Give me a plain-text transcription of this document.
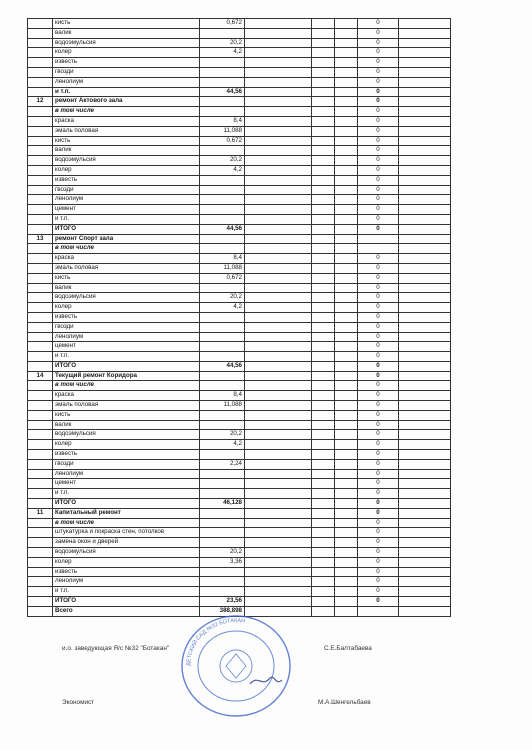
	кисть	0,672				0	
	валик					0	
	водоэмульсия	20,2				0	
	колер	4,2				0	
	известь					0	
	гвозди					0	
	ленолиум					0	
	и т.п.	44,56				0	
12	ремонт Актового зала					0	
	в том числе					0	
	краска	8,4				0	
	эмаль половая	11,088				0	
	кисть	0,672				0	
	валик					0	
	водоэмульсия	20,2				0	
	колер	4,2				0	
	известь					0	
	гвозди					0	
	ленолиум					0	
	цемент					0	
	и т.п.					0	
	ИТОГО	44,56				0	
13	ремонт Спорт зала						
	в том числе						
	краска	8,4				0	
	эмаль половая	11,088				0	
	кисть	0,672				0	
	валик					0	
	водоэмульсия	20,2				0	
	колер	4,2				0	
	известь					0	
	гвозди					0	
	ленолиум					0	
	цемент					0	
	и т.п.					0	
	ИТОГО	44,56				0	
14	Текущий ремонт Коридора					0	
	в том числе					0	
	краска	8,4				0	
	эмаль половая	11,088				0	
	кисть					0	
	валик					0	
	водоэмульсия	20,2				0	
	колер	4,2				0	
	известь					0	
	гвозди	2,24				0	
	ленолиум					0	
	цемент					0	
	и т.п.					0	
	ИТОГО	46,128				0	
11	Капитальный ремонт					0	
	в том числе					0	
	штукатурка и покраска стен, потолков					0	
	замена окон и дверей					0	
	водоэмульсия	20,2				0	
	колер	3,36				0	
	известь					0	
	ленолиум					0	
	и т.п.					0	
	ИТОГО	23,56				0	
	Всего	388,898					
и.о. заведующая Я/с №32 "Ботакан"	С.Е.Балтабаева
Экономист	М.А.Шенгельбаев
ДЕТСКИЙ САД №32 БОТАКАН
